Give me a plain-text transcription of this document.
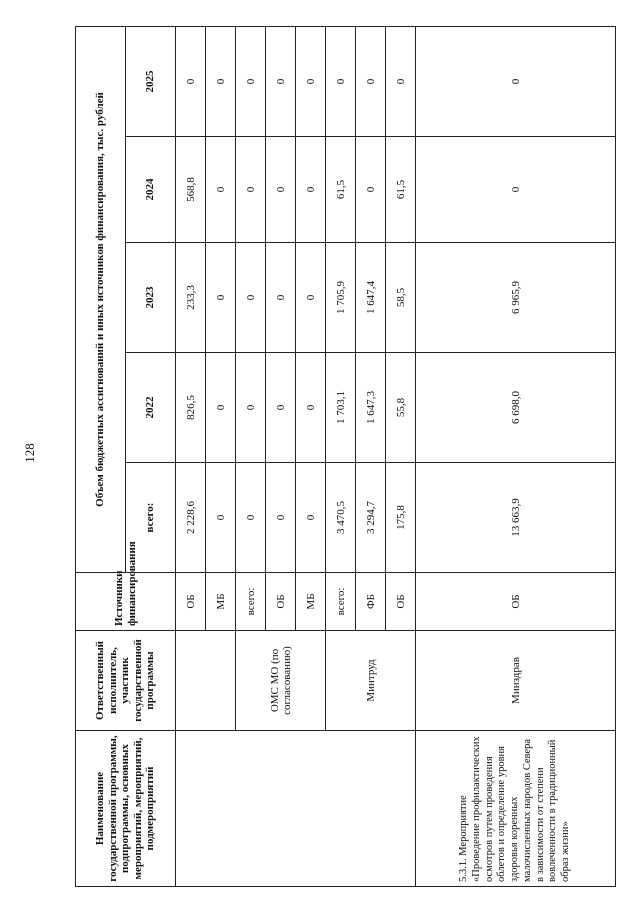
128
Наименование государственной программы, подпрограммы, основных мероприятий, мероприятий, подмероприятий	Ответственный исполнитель, участник государственной программы	Источники финансирования	Объем бюджетных ассигнований и иных источников финансирования, тыс. рублей				
			всего:	2022	2023	2024	2025
		ОБ	2 228,6	826,5	233,3	568,8	0
		МБ	0	0	0	0	0
	ОМС МО (по согласованию)	всего:	0	0	0	0	0
		ОБ	0	0	0	0	0
		МБ	0	0	0	0	0
	Минтруд	всего:	3 470,5	1 703,1	1 705,9	61,5	0
		ФБ	3 294,7	1 647,3	1 647,4	0	0
		ОБ	175,8	55,8	58,5	61,5	0
5.3.1. Мероприятие «Проведение профилактических осмотров путем проведения облетов и определение уровня здоровья коренных малочисленных народов Севера в зависимости от степени вовлеченности в традиционный образ жизни»	Минздрав	ОБ	13 663,9	6 698,0	6 965,9	0	0
